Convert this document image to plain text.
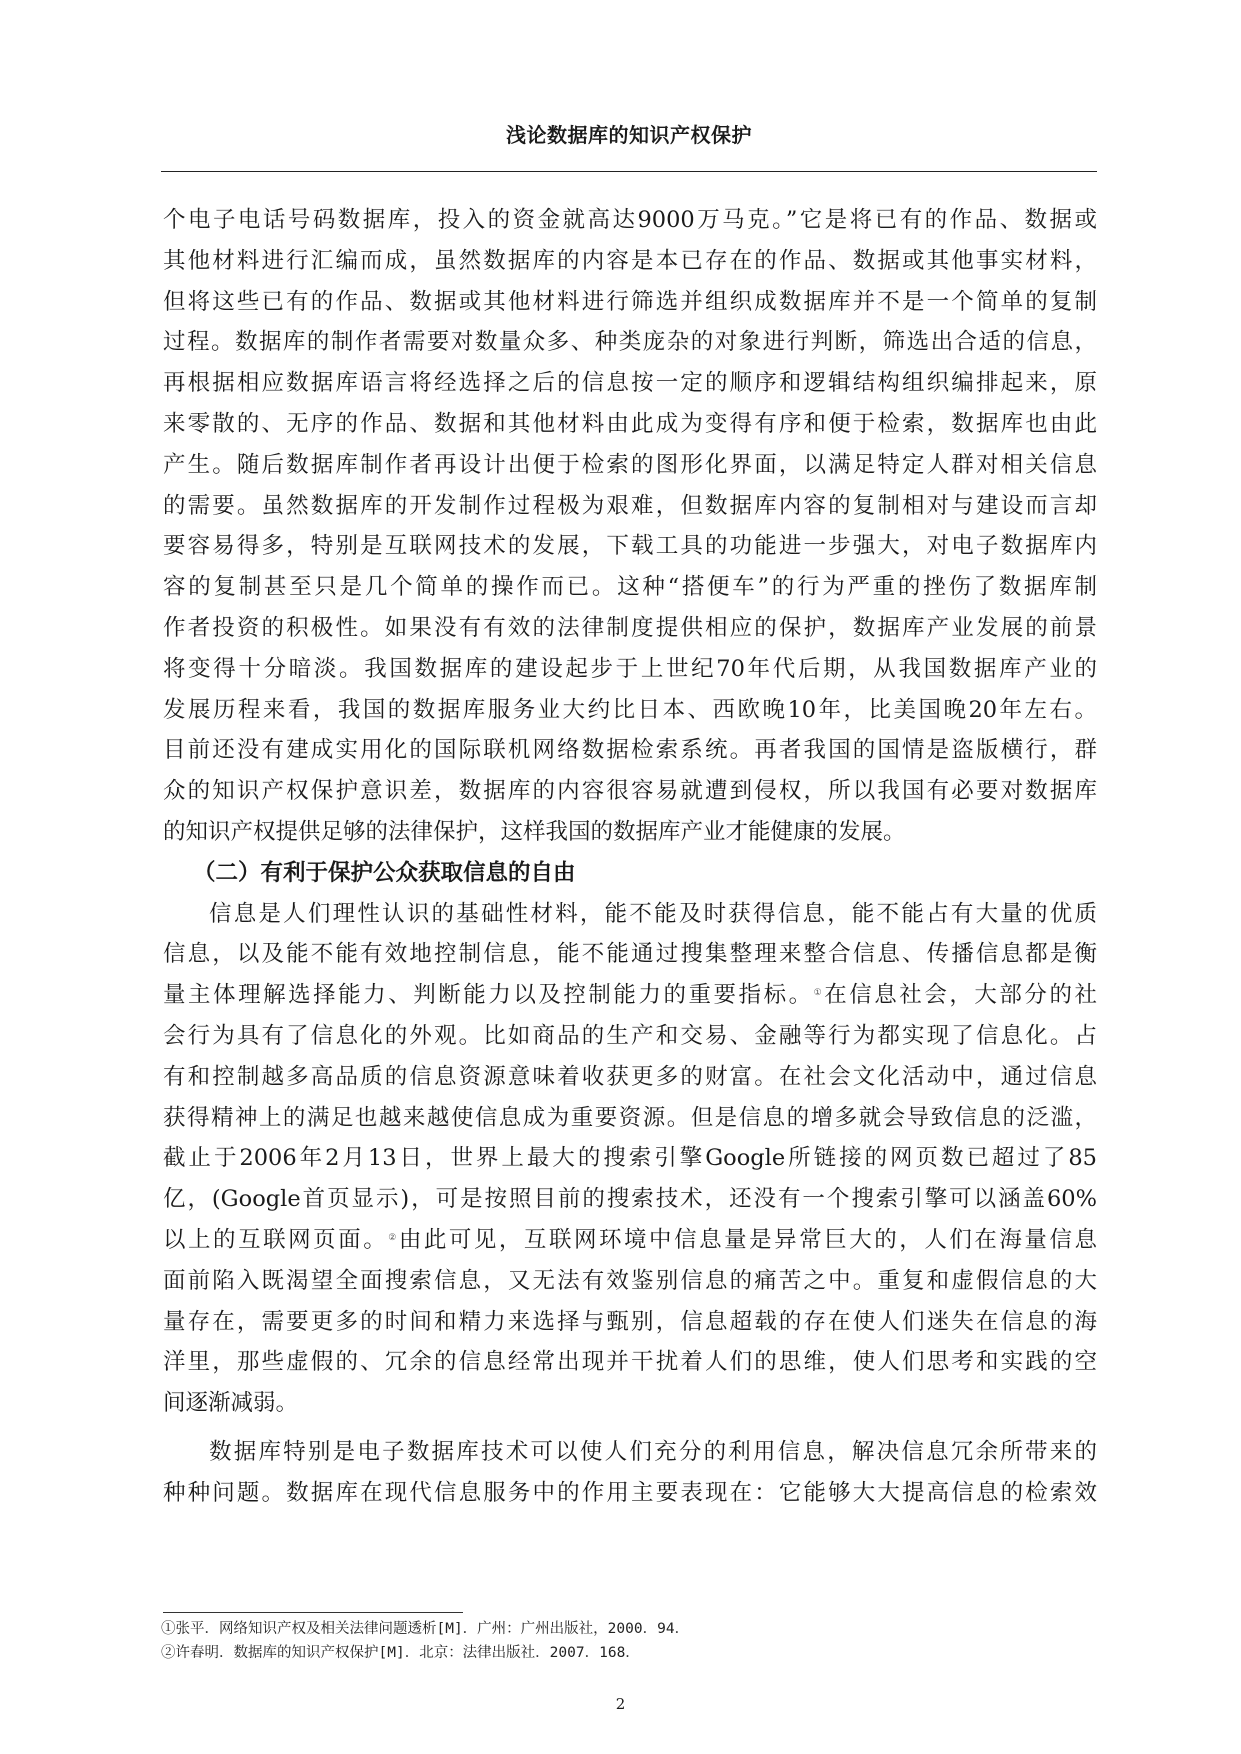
浅论数据库的知识产权保护

个电子电话号码数据库，投入的资金就高达9000万马克。”它是将已有的作品、数据或

其他材料进行汇编而成，虽然数据库的内容是本已存在的作品、数据或其他事实材料，

但将这些已有的作品、数据或其他材料进行筛选并组织成数据库并不是一个简单的复制

过程。数据库的制作者需要对数量众多、种类庞杂的对象进行判断，筛选出合适的信息，

再根据相应数据库语言将经选择之后的信息按一定的顺序和逻辑结构组织编排起来，原

来零散的、无序的作品、数据和其他材料由此成为变得有序和便于检索，数据库也由此

产生。随后数据库制作者再设计出便于检索的图形化界面，以满足特定人群对相关信息

的需要。虽然数据库的开发制作过程极为艰难，但数据库内容的复制相对与建设而言却

要容易得多，特别是互联网技术的发展，下载工具的功能进一步强大，对电子数据库内

容的复制甚至只是几个简单的操作而已。这种“搭便车”的行为严重的挫伤了数据库制

作者投资的积极性。如果没有有效的法律制度提供相应的保护，数据库产业发展的前景

将变得十分暗淡。我国数据库的建设起步于上世纪70年代后期，从我国数据库产业的

发展历程来看，我国的数据库服务业大约比日本、西欧晚10年，比美国晚20年左右。

目前还没有建成实用化的国际联机网络数据检索系统。再者我国的国情是盗版横行，群

众的知识产权保护意识差，数据库的内容很容易就遭到侵权，所以我国有必要对数据库

的知识产权提供足够的法律保护，这样我国的数据库产业才能健康的发展。

（二）有利于保护公众获取信息的自由

信息是人们理性认识的基础性材料，能不能及时获得信息，能不能占有大量的优质

信息，以及能不能有效地控制信息，能不能通过搜集整理来整合信息、传播信息都是衡

量主体理解选择能力、判断能力以及控制能力的重要指标。①在信息社会，大部分的社

会行为具有了信息化的外观。比如商品的生产和交易、金融等行为都实现了信息化。占

有和控制越多高品质的信息资源意味着收获更多的财富。在社会文化活动中，通过信息

获得精神上的满足也越来越使信息成为重要资源。但是信息的增多就会导致信息的泛滥，

截止于2006年2月13日，世界上最大的搜索引擎Google所链接的网页数已超过了85

亿，(Google首页显示)，可是按照目前的搜索技术，还没有一个搜索引擎可以涵盖60%

以上的互联网页面。②由此可见，互联网环境中信息量是异常巨大的，人们在海量信息

面前陷入既渴望全面搜索信息，又无法有效鉴别信息的痛苦之中。重复和虚假信息的大

量存在，需要更多的时间和精力来选择与甄别，信息超载的存在使人们迷失在信息的海

洋里，那些虚假的、冗余的信息经常出现并干扰着人们的思维，使人们思考和实践的空

间逐渐减弱。

数据库特别是电子数据库技术可以使人们充分的利用信息，解决信息冗余所带来的

种种问题。数据库在现代信息服务中的作用主要表现在：它能够大大提高信息的检索效

①张平．网络知识产权及相关法律问题透析[M]．广州：广州出版社，2000．94．
②许春明．数据库的知识产权保护[M]．北京：法律出版社．2007．168．
2
